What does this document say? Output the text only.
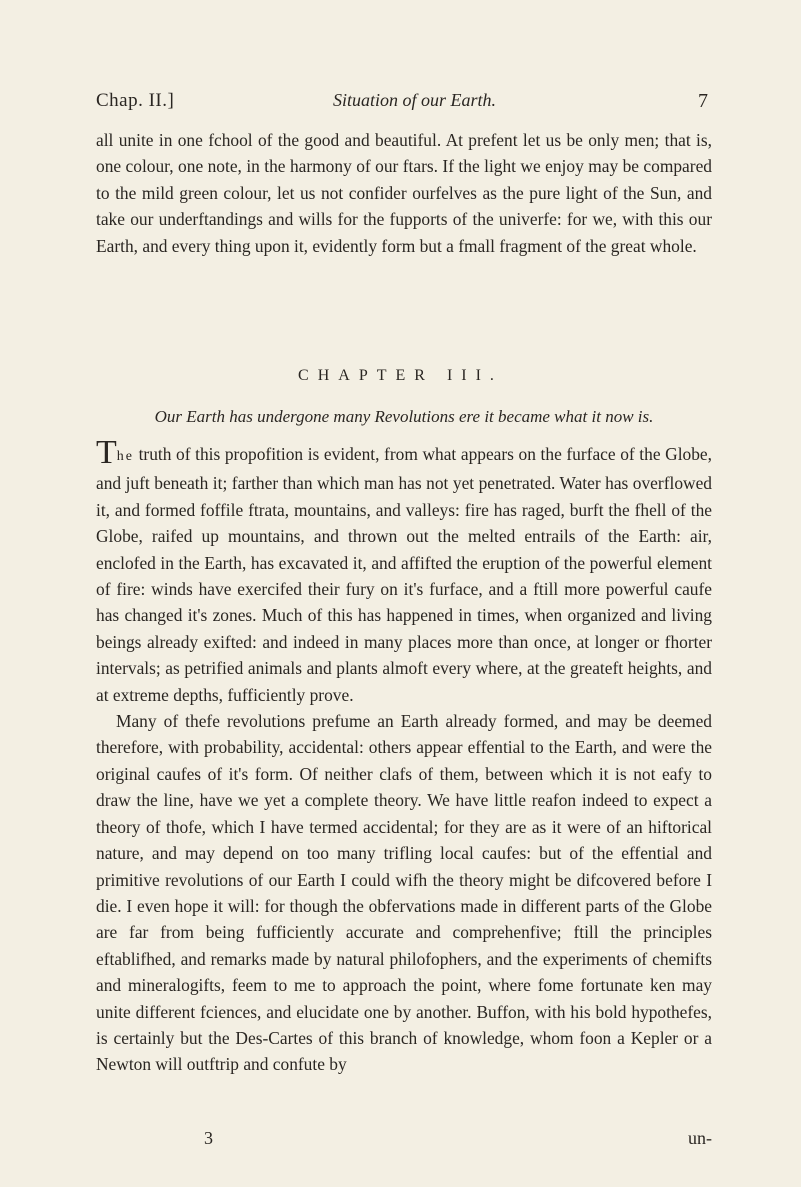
Chap. II.]	Situation of our Earth.	7
all unite in one fchool of the good and beautiful. At prefent let us be only men; that is, one colour, one note, in the harmony of our ftars. If the light we enjoy may be compared to the mild green colour, let us not confider ourfelves as the pure light of the Sun, and take our underftandings and wills for the fupports of the univerfe: for we, with this our Earth, and every thing upon it, evidently form but a fmall fragment of the great whole.
CHAPTER III.
Our Earth has undergone many Revolutions ere it became what it now is.

The truth of this propofition is evident, from what appears on the furface of the Globe, and juft beneath it; farther than which man has not yet penetrated. Water has overflowed it, and formed foffile ftrata, mountains, and valleys: fire has raged, burft the fhell of the Globe, raifed up mountains, and thrown out the melted entrails of the Earth: air, enclofed in the Earth, has excavated it, and affifted the eruption of the powerful element of fire: winds have exercifed their fury on it's furface, and a ftill more powerful caufe has changed it's zones. Much of this has happened in times, when organized and living beings already exifted: and indeed in many places more than once, at longer or fhorter intervals; as petrified animals and plants almoft every where, at the greateft heights, and at extreme depths, fufficiently prove.

Many of thefe revolutions prefume an Earth already formed, and may be deemed therefore, with probability, accidental: others appear effential to the Earth, and were the original caufes of it's form. Of neither clafs of them, between which it is not eafy to draw the line, have we yet a complete theory. We have little reafon indeed to expect a theory of thofe, which I have termed accidental; for they are as it were of an hiftorical nature, and may depend on too many trifling local caufes: but of the effential and primitive revolutions of our Earth I could wifh the theory might be difcovered before I die. I even hope it will: for though the obfervations made in different parts of the Globe are far from being fufficiently accurate and comprehenfive; ftill the principles eftablifhed, and remarks made by natural philofophers, and the experiments of chemifts and mineralogifts, feem to me to approach the point, where fome fortunate ken may unite different fciences, and elucidate one by another. Buffon, with his bold hypothefes, is certainly but the Des-Cartes of this branch of knowledge, whom foon a Kepler or a Newton will outftrip and confute by

3	un-
